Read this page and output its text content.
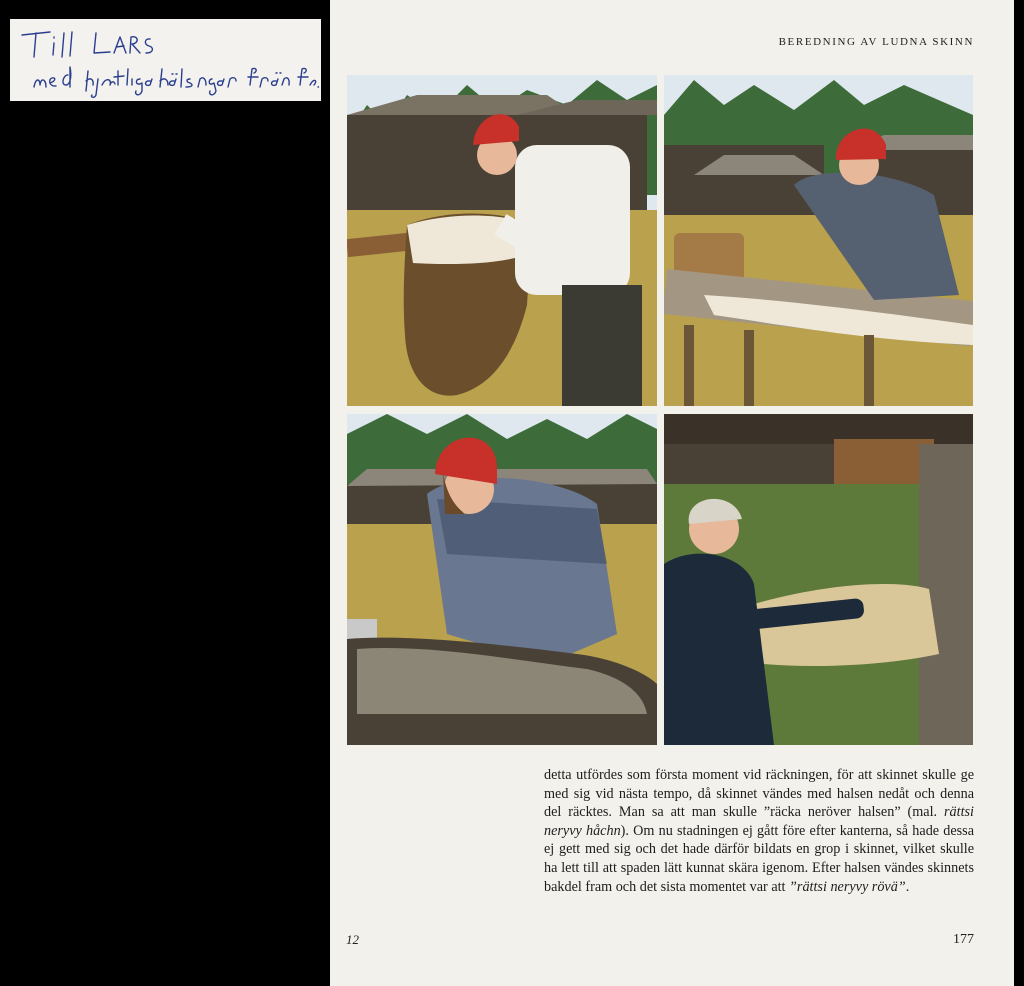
BEREDNING AV LUDNA SKINN

detta utfördes som första moment vid räckningen, för att skinnet skulle ge med sig vid nästa tempo, då skinnet vändes med halsen nedåt och denna del räcktes. Man sa att man skulle ”räcka neröver halsen” (mal. rättsi neryvy håchn). Om nu stadningen ej gått före efter kanterna, så hade dessa ej gett med sig och det hade därför bildats en grop i skinnet, vilket skulle ha lett till att spaden lätt kunnat skära igenom. Efter halsen vändes skinnets bakdel fram och det sista momentet var att ”rättsi neryvy rövä”.

12	177
